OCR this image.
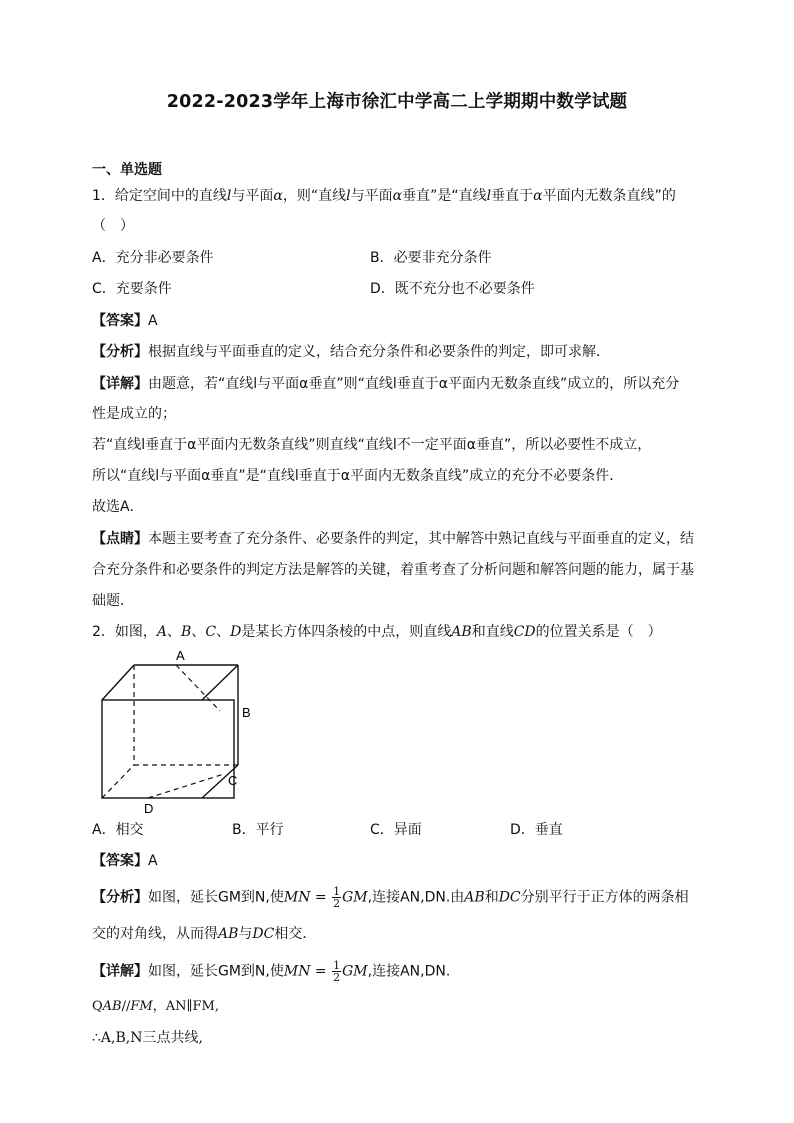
2022-2023学年上海市徐汇中学高二上学期期中数学试题
一、单选题
1．给定空间中的直线l与平面α，则“直线l与平面α垂直”是“直线l垂直于α平面内无数条直线”的
（　）
A．充分非必要条件	B．必要非充分条件
C．充要条件	D．既不充分也不必要条件
【答案】A
【分析】根据直线与平面垂直的定义，结合充分条件和必要条件的判定，即可求解．
【详解】由题意，若“直线l与平面α垂直”则“直线l垂直于α平面内无数条直线”成立的，所以充分
性是成立的；
若“直线l垂直于α平面内无数条直线”则直线“直线l不一定平面α垂直”，所以必要性不成立，
所以“直线l与平面α垂直”是“直线l垂直于α平面内无数条直线”成立的充分不必要条件．
故选A．
【点睛】本题主要考查了充分条件、必要条件的判定，其中解答中熟记直线与平面垂直的定义，结
合充分条件和必要条件的判定方法是解答的关键，着重考查了分析问题和解答问题的能力，属于基
础题．
2．如图，A、B、C、D是某长方体四条棱的中点，则直线AB和直线CD的位置关系是（　）
A
B
C
D
A．相交	B．平行	C．异面	D．垂直
【答案】A
【分析】如图，延长GM到N,使MN = $\frac{1}{2}$ GM,连接AN,DN.由AB和DC分别平行于正方体的两条相
交的对角线，从而得AB与DC相交．
【详解】如图，延长GM到N,使MN = $\frac{1}{2}$ GM,连接AN,DN.
QAB//FM，AN∥FM,
∴A,B,N三点共线,
